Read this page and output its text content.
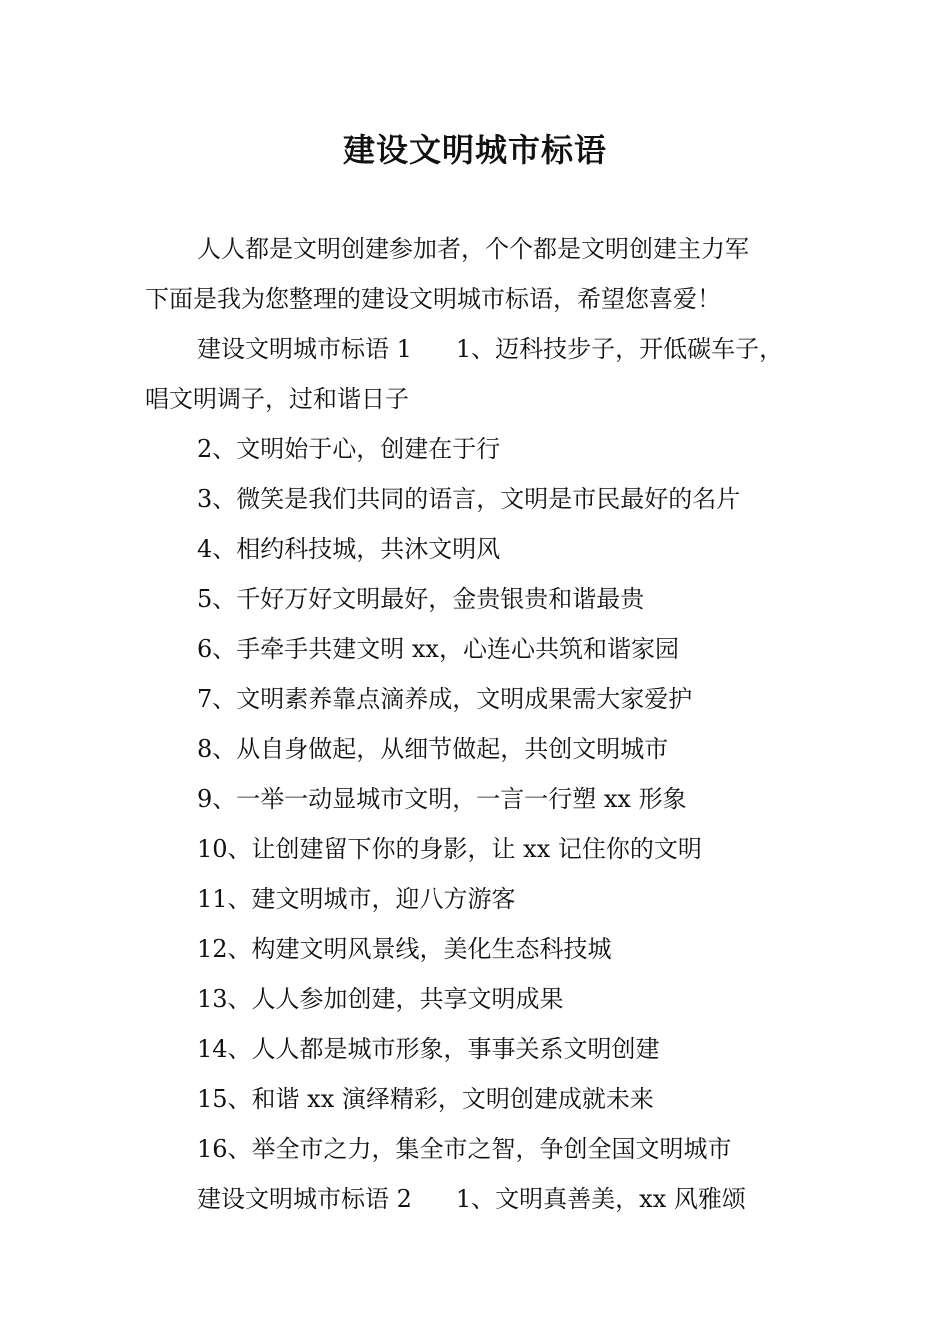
建设文明城市标语
人人都是文明创建参加者，个个都是文明创建主力军
下面是我为您整理的建设文明城市标语，希望您喜爱！
建设文明城市标语 1 1、迈科技步子，开低碳车子，
唱文明调子，过和谐日子
2、文明始于心，创建在于行
3、微笑是我们共同的语言，文明是市民最好的名片
4、相约科技城，共沐文明风
5、千好万好文明最好，金贵银贵和谐最贵
6、手牵手共建文明 xx，心连心共筑和谐家园
7、文明素养靠点滴养成，文明成果需大家爱护
8、从自身做起，从细节做起，共创文明城市
9、一举一动显城市文明，一言一行塑 xx 形象
10、让创建留下你的身影，让 xx 记住你的文明
11、建文明城市，迎八方游客
12、构建文明风景线，美化生态科技城
13、人人参加创建，共享文明成果
14、人人都是城市形象，事事关系文明创建
15、和谐 xx 演绎精彩，文明创建成就未来
16、举全市之力，集全市之智，争创全国文明城市
建设文明城市标语 2 1、文明真善美，xx 风雅颂
